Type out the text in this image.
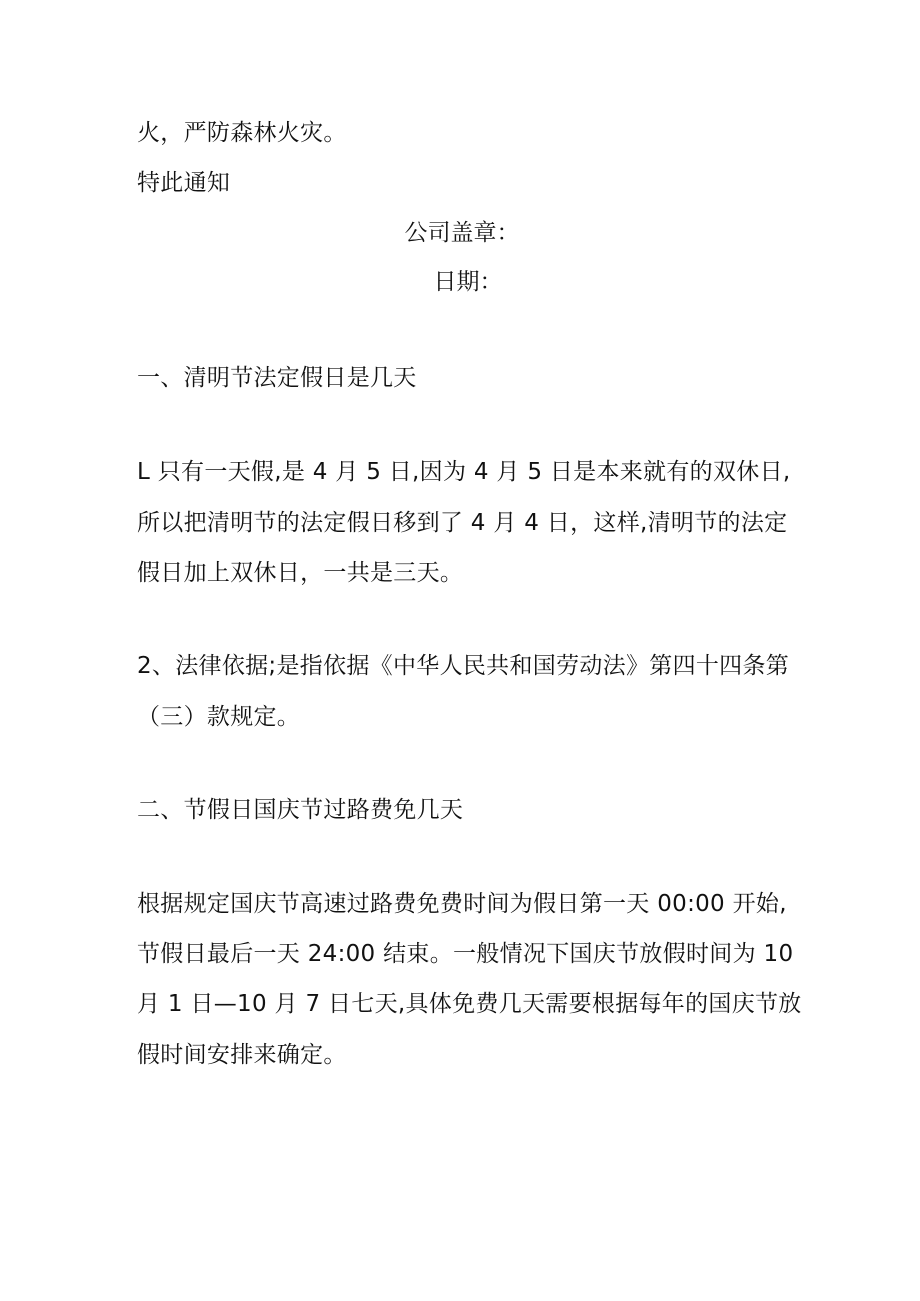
火，严防森林火灾。
特此通知
公司盖章：
日期：
一、清明节法定假日是几天
L 只有一天假,是 4 月 5 日,因为 4 月 5 日是本来就有的双休日,
所以把清明节的法定假日移到了 4 月 4 日，这样,清明节的法定
假日加上双休日，一共是三天。
2、法律依据;是指依据《中华人民共和国劳动法》第四十四条第
（三）款规定。
二、节假日国庆节过路费免几天
根据规定国庆节高速过路费免费时间为假日第一天 00:00 开始,
节假日最后一天 24:00 结束。一般情况下国庆节放假时间为 10
月 1 日—10 月 7 日七天,具体免费几天需要根据每年的国庆节放
假时间安排来确定。
